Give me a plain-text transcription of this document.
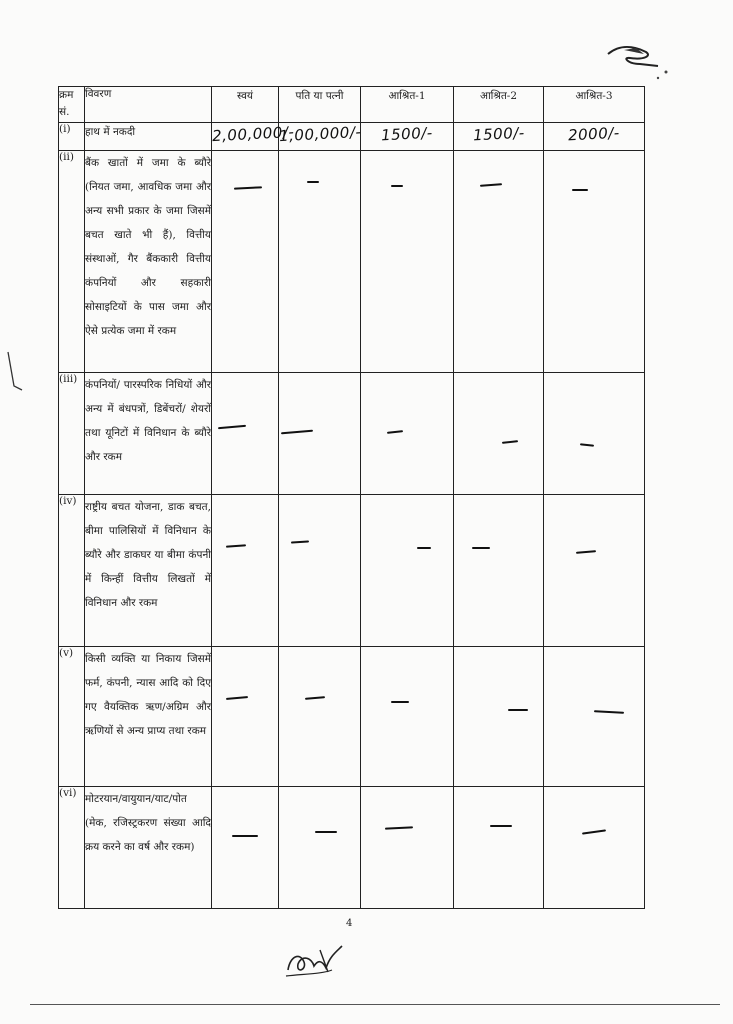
क्रम सं.	विवरण	स्वयं	पति या पत्नी	आश्रित-1	आश्रित-2	आश्रित-3

(i)	हाथ में नकदी	2,00,000/-	1,00,000/-	1500/-	1500/-	2000/-
(ii)	बैंक खातों में जमा के ब्यौरे (नियत जमा, आवधिक जमा और अन्य सभी प्रकार के जमा जिसमें बचत खाते भी हैं), वित्तीय संस्थाओं, गैर बैंककारी वित्तीय कंपनियों और सहकारी सोसाइटियों के पास जमा और ऐसे प्रत्येक जमा में रकम	

(iii)	कंपनियों/ पारस्परिक निधियों और अन्य में बंधपत्रों, डिबेंचरों/ शेयरों तथा यूनिटों में विनिधान के ब्यौरे और रकम	

(iv)	राष्ट्रीय बचत योजना, डाक बचत, बीमा पालिसियों में विनिधान के ब्यौरे और डाकघर या बीमा कंपनी में किन्हीं वित्तीय लिखतों में विनिधान और रकम	

(v)	किसी व्यक्ति या निकाय जिसमें फर्म, कंपनी, न्यास आदि को दिए गए वैयक्तिक ऋण/अग्रिम और ऋणियों से अन्य प्राप्य तथा रकम	

(vi)	मोटरयान/वायुयान/याट/पोत (मेक, रजिस्ट्रकरण संख्या आदि क्रय करने का वर्ष और रकम)	

4
